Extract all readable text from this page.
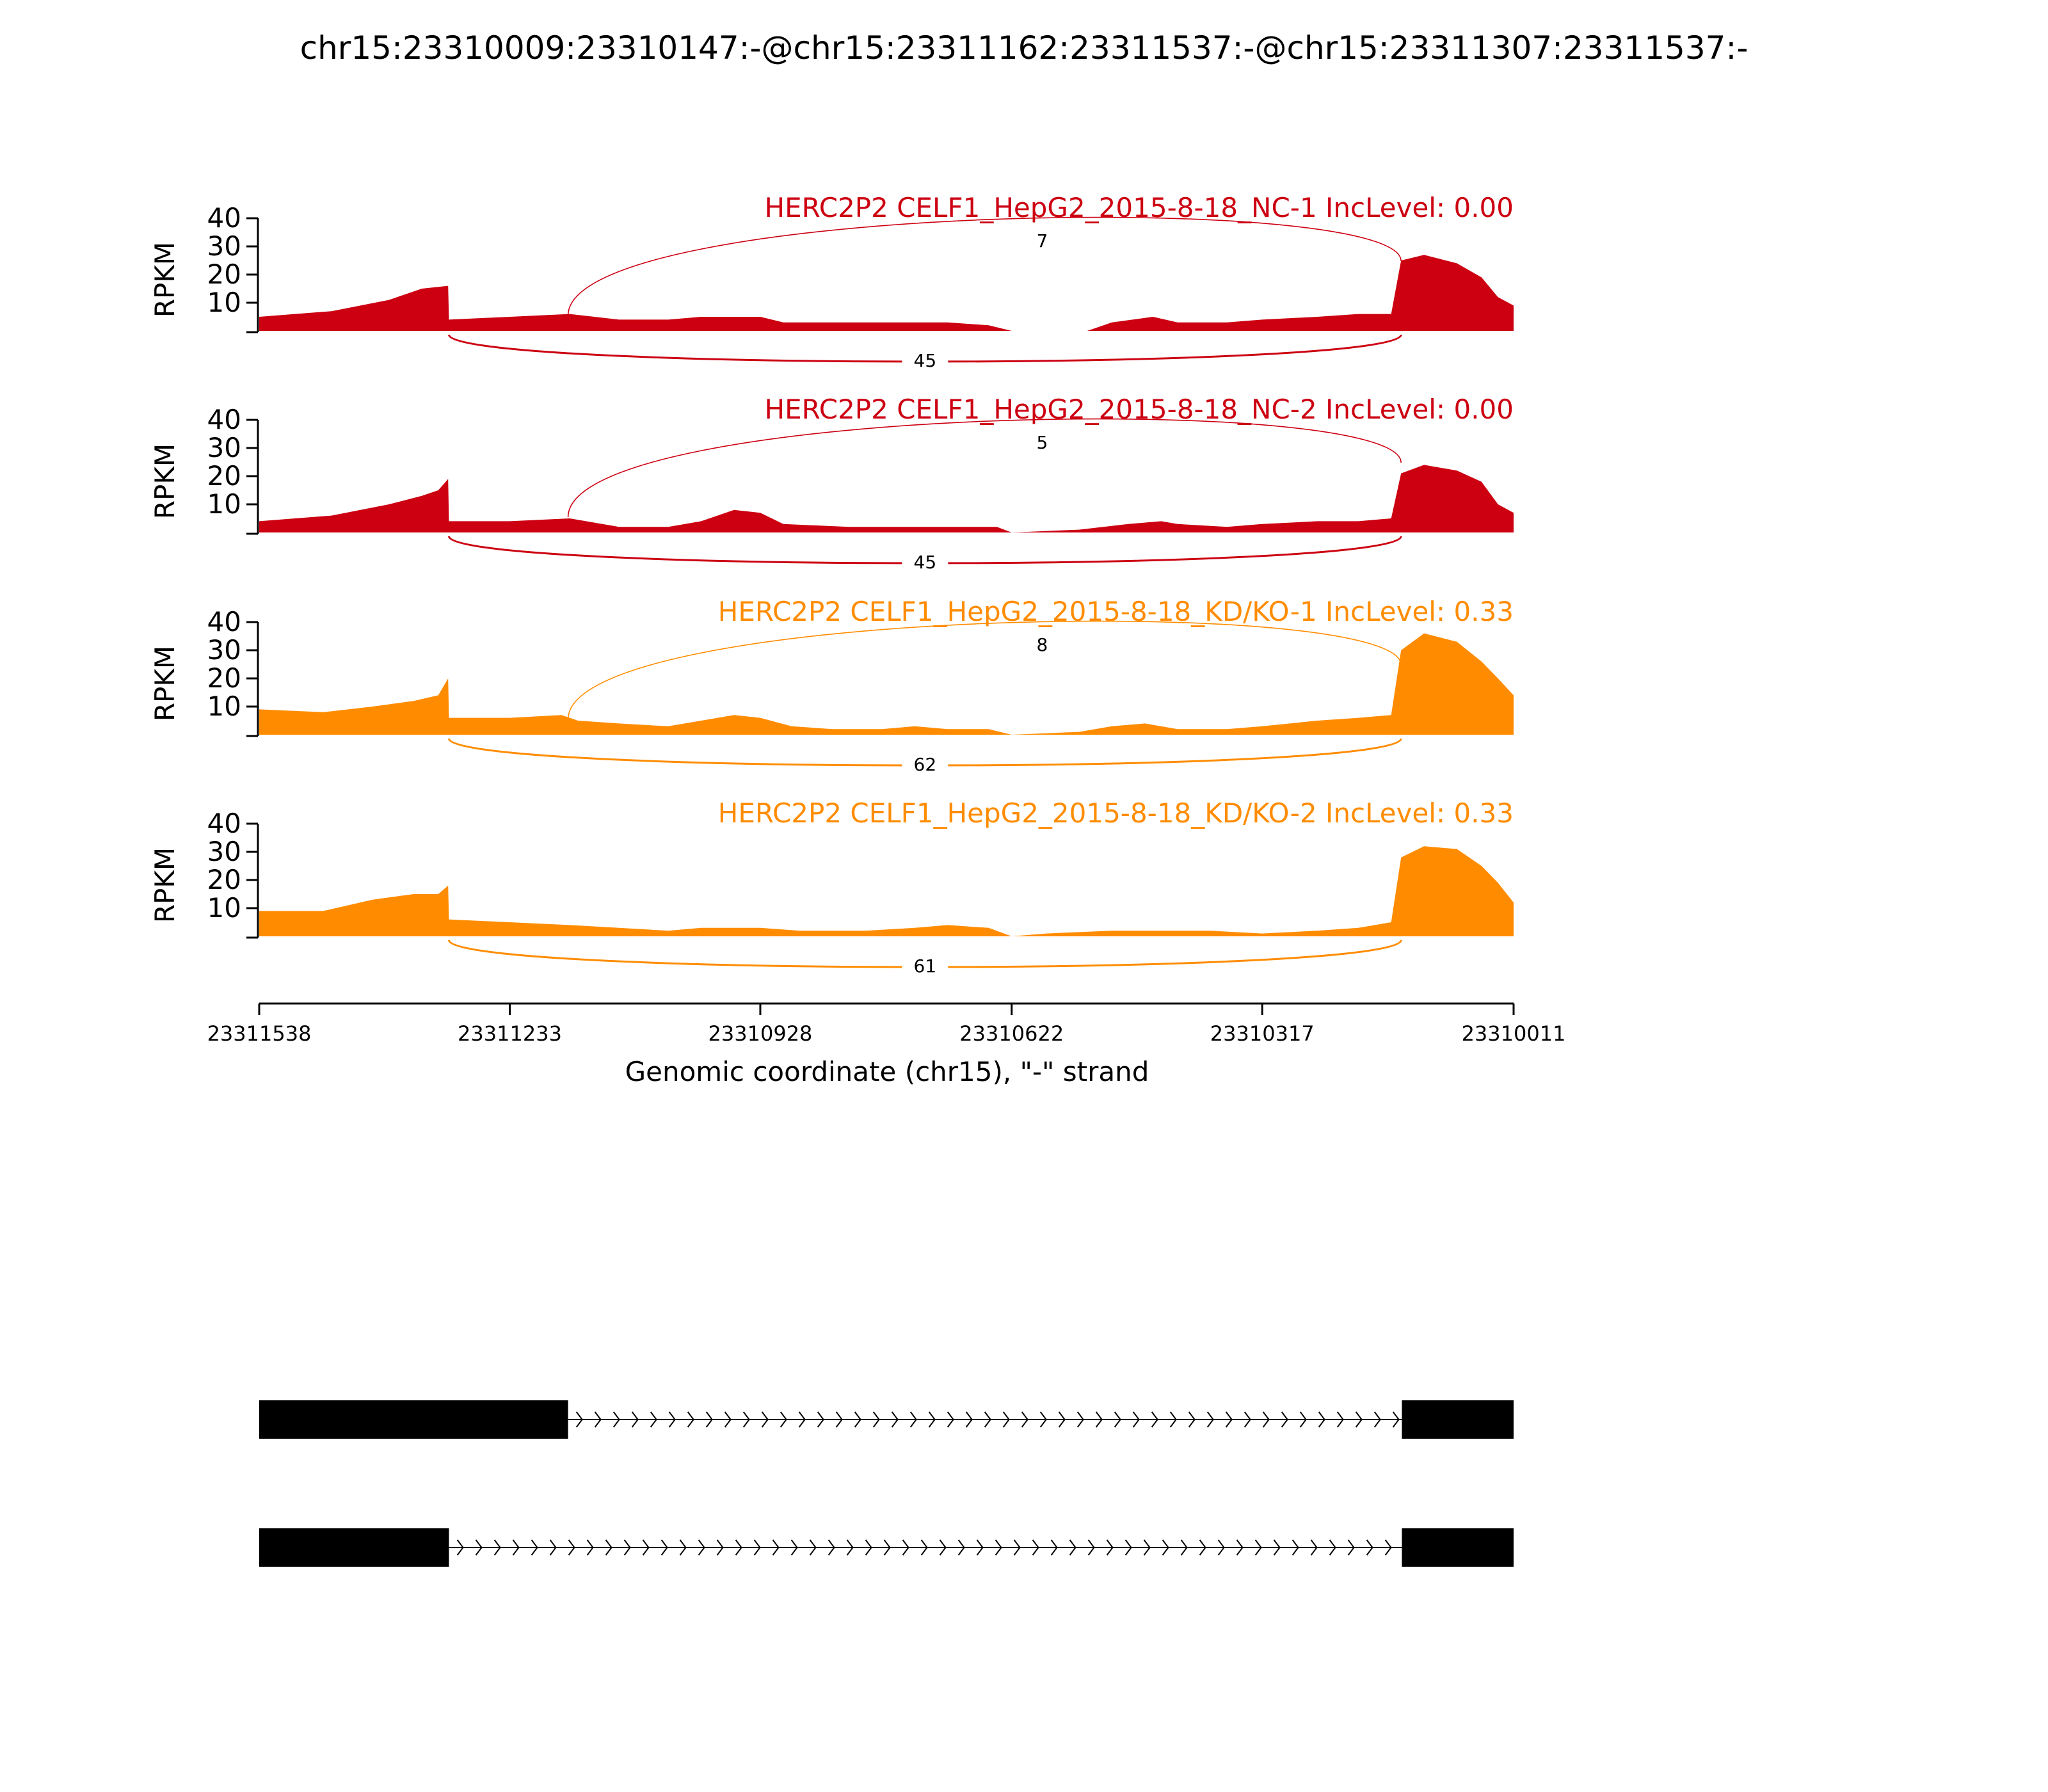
chr15:23310009:23310147:-@chr15:23311162:23311537:-@chr15:23311307:23311537:-
40
30
20
10
RPKM
HERC2P2 CELF1_HepG2_2015-8-18_NC-1 IncLevel: 0.00
7
45
40
30
20
10
RPKM
HERC2P2 CELF1_HepG2_2015-8-18_NC-2 IncLevel: 0.00
5
45
40
30
20
10
RPKM
HERC2P2 CELF1_HepG2_2015-8-18_KD/KO-1 IncLevel: 0.33
8
62
40
30
20
10
RPKM
HERC2P2 CELF1_HepG2_2015-8-18_KD/KO-2 IncLevel: 0.33
61
23311538	23311233	23310928	23310622	23310317	23310011
Genomic coordinate (chr15), "-" strand
